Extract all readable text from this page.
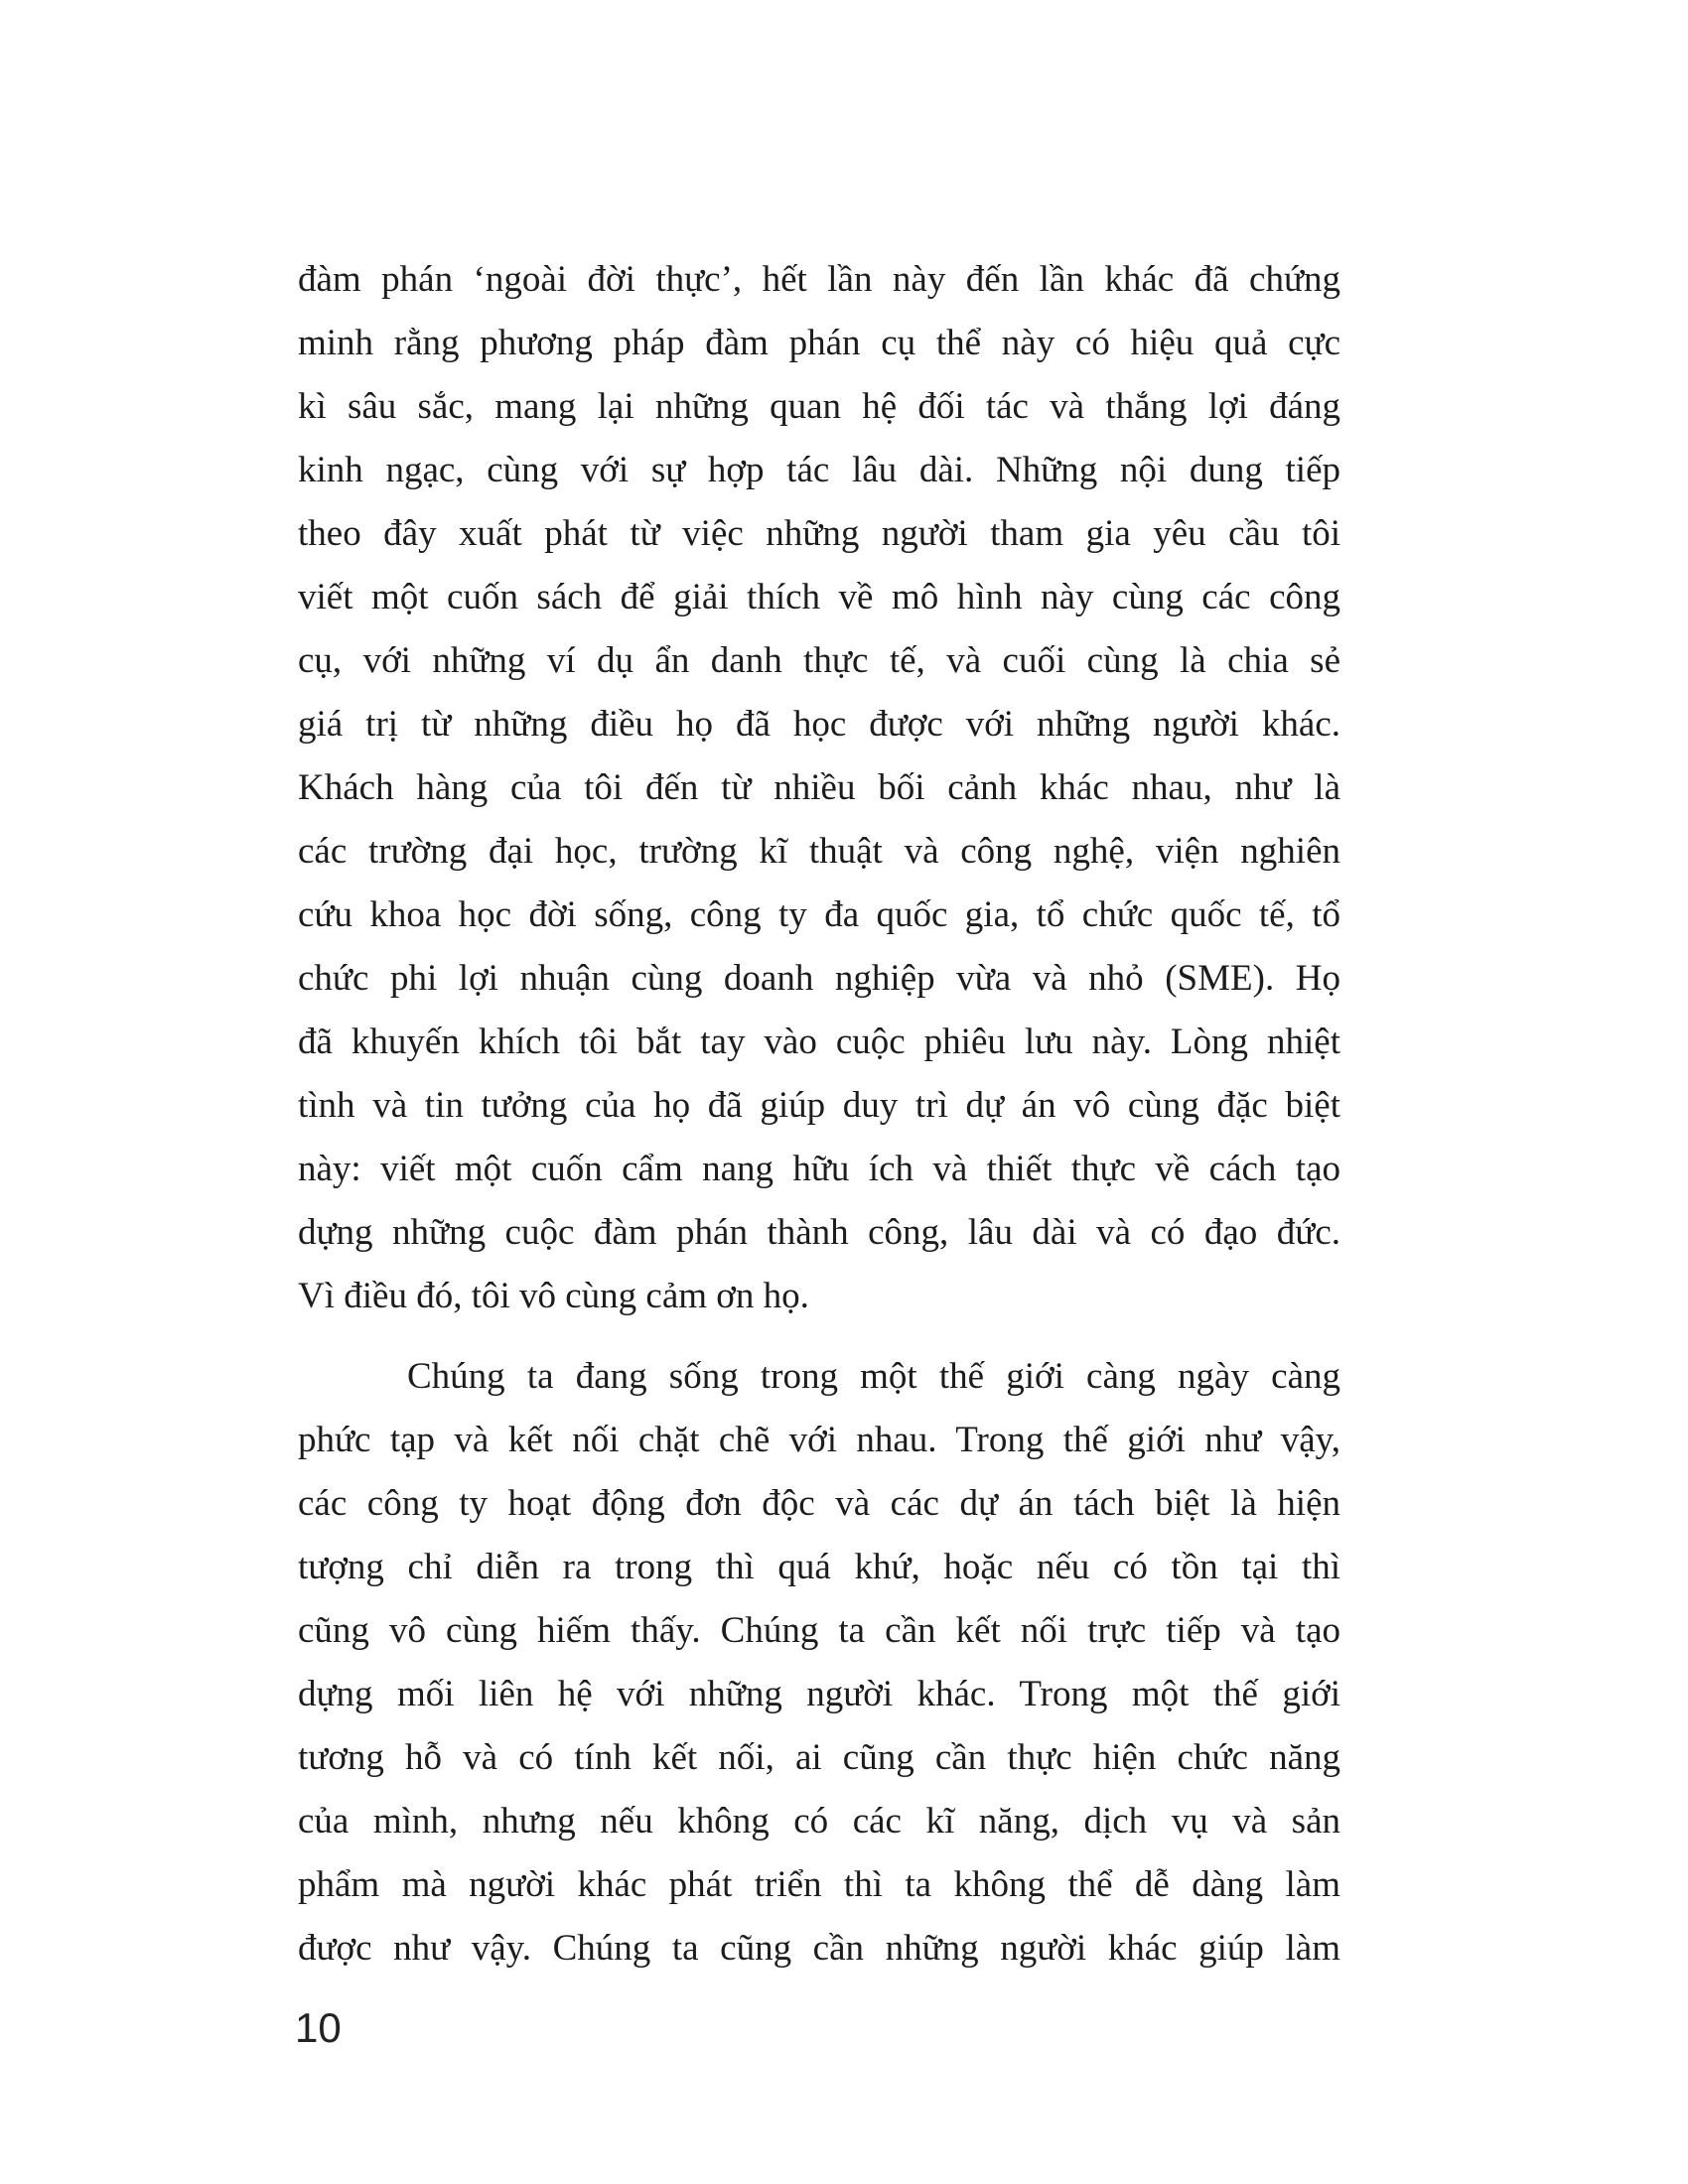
đàm phán ‘ngoài đời thực’, hết lần này đến lần khác đã chứng
minh rằng phương pháp đàm phán cụ thể này có hiệu quả cực
kì sâu sắc, mang lại những quan hệ đối tác và thắng lợi đáng
kinh ngạc, cùng với sự hợp tác lâu dài. Những nội dung tiếp
theo đây xuất phát từ việc những người tham gia yêu cầu tôi
viết một cuốn sách để giải thích về mô hình này cùng các công
cụ, với những ví dụ ẩn danh thực tế, và cuối cùng là chia sẻ
giá trị từ những điều họ đã học được với những người khác.
Khách hàng của tôi đến từ nhiều bối cảnh khác nhau, như là
các trường đại học, trường kĩ thuật và công nghệ, viện nghiên
cứu khoa học đời sống, công ty đa quốc gia, tổ chức quốc tế, tổ
chức phi lợi nhuận cùng doanh nghiệp vừa và nhỏ (SME). Họ
đã khuyến khích tôi bắt tay vào cuộc phiêu lưu này. Lòng nhiệt
tình và tin tưởng của họ đã giúp duy trì dự án vô cùng đặc biệt
này: viết một cuốn cẩm nang hữu ích và thiết thực về cách tạo
dựng những cuộc đàm phán thành công, lâu dài và có đạo đức.
Vì điều đó, tôi vô cùng cảm ơn họ.
Chúng ta đang sống trong một thế giới càng ngày càng
phức tạp và kết nối chặt chẽ với nhau. Trong thế giới như vậy,
các công ty hoạt động đơn độc và các dự án tách biệt là hiện
tượng chỉ diễn ra trong thì quá khứ, hoặc nếu có tồn tại thì
cũng vô cùng hiếm thấy. Chúng ta cần kết nối trực tiếp và tạo
dựng mối liên hệ với những người khác. Trong một thế giới
tương hỗ và có tính kết nối, ai cũng cần thực hiện chức năng
của mình, nhưng nếu không có các kĩ năng, dịch vụ và sản
phẩm mà người khác phát triển thì ta không thể dễ dàng làm
được như vậy. Chúng ta cũng cần những người khác giúp làm
10
